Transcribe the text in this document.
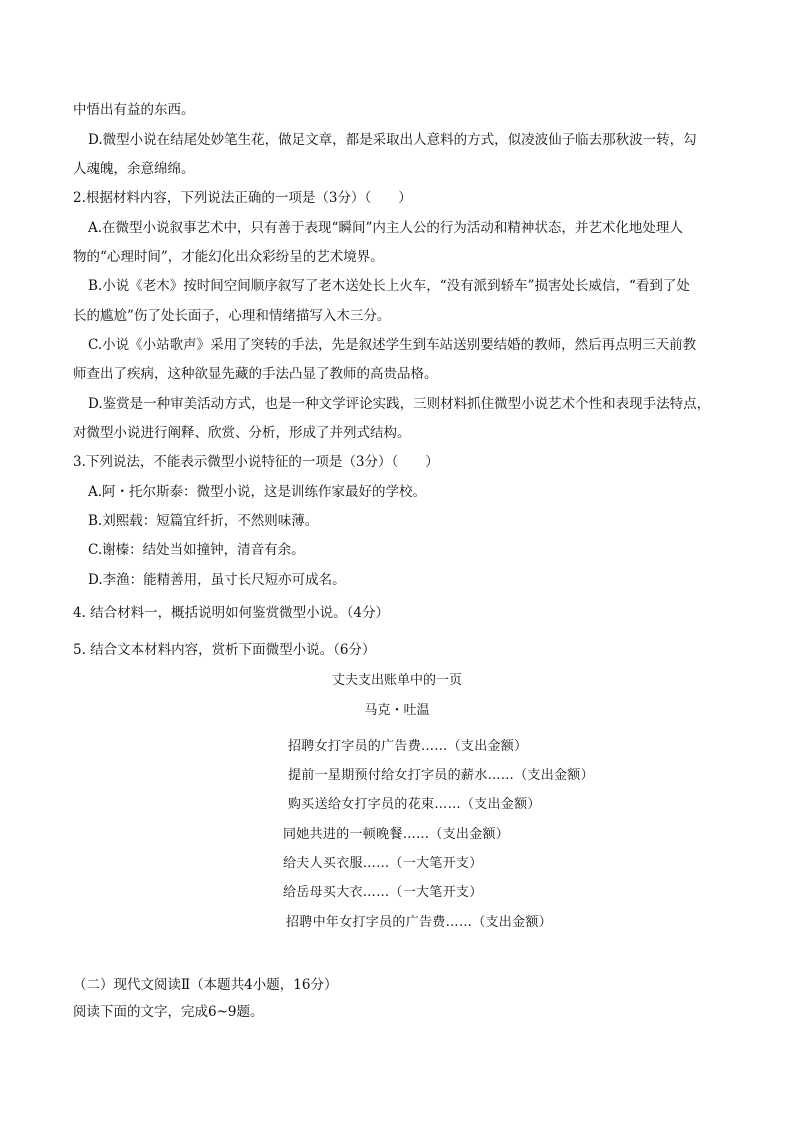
中悟出有益的东西。
D.微型小说在结尾处妙笔生花，做足文章，都是采取出人意料的方式，似凌波仙子临去那秋波一转，勾
人魂魄，余意绵绵。
2.根据材料内容，下列说法正确的一项是（3分）（　　）
A.在微型小说叙事艺术中，只有善于表现“瞬间”内主人公的行为活动和精神状态，并艺术化地处理人
物的“心理时间”，才能幻化出众彩纷呈的艺术境界。
B.小说《老木》按时间空间顺序叙写了老木送处长上火车，“没有派到轿车”损害处长威信，“看到了处
长的尴尬”伤了处长面子，心理和情绪描写入木三分。
C.小说《小站歌声》采用了突转的手法，先是叙述学生到车站送别要结婚的教师，然后再点明三天前教
师查出了疾病，这种欲显先藏的手法凸显了教师的高贵品格。
D.鉴赏是一种审美活动方式，也是一种文学评论实践，三则材料抓住微型小说艺术个性和表现手法特点，
对微型小说进行阐释、欣赏、分析，形成了并列式结构。
3.下列说法，不能表示微型小说特征的一项是（3分）（　　）
A.阿・托尔斯泰：微型小说，这是训练作家最好的学校。
B.刘熙载：短篇宜纤折，不然则味薄。
C.谢榛：结处当如撞钟，清音有余。
D.李渔：能精善用，虽寸长尺短亦可成名。
4. 结合材料一，概括说明如何鉴赏微型小说。（4分）
5. 结合文本材料内容，赏析下面微型小说。（6分）
丈夫支出账单中的一页
马克・吐温
招聘女打字员的广告费……（支出金额）
提前一星期预付给女打字员的薪水……（支出金额）
购买送给女打字员的花束……（支出金额）
同她共进的一顿晚餐……（支出金额）
给夫人买衣服……（一大笔开支）
给岳母买大衣……（一大笔开支）
招聘中年女打字员的广告费……（支出金额）
（二）现代文阅读Ⅱ（本题共4小题，16分）
阅读下面的文字，完成6~9题。
